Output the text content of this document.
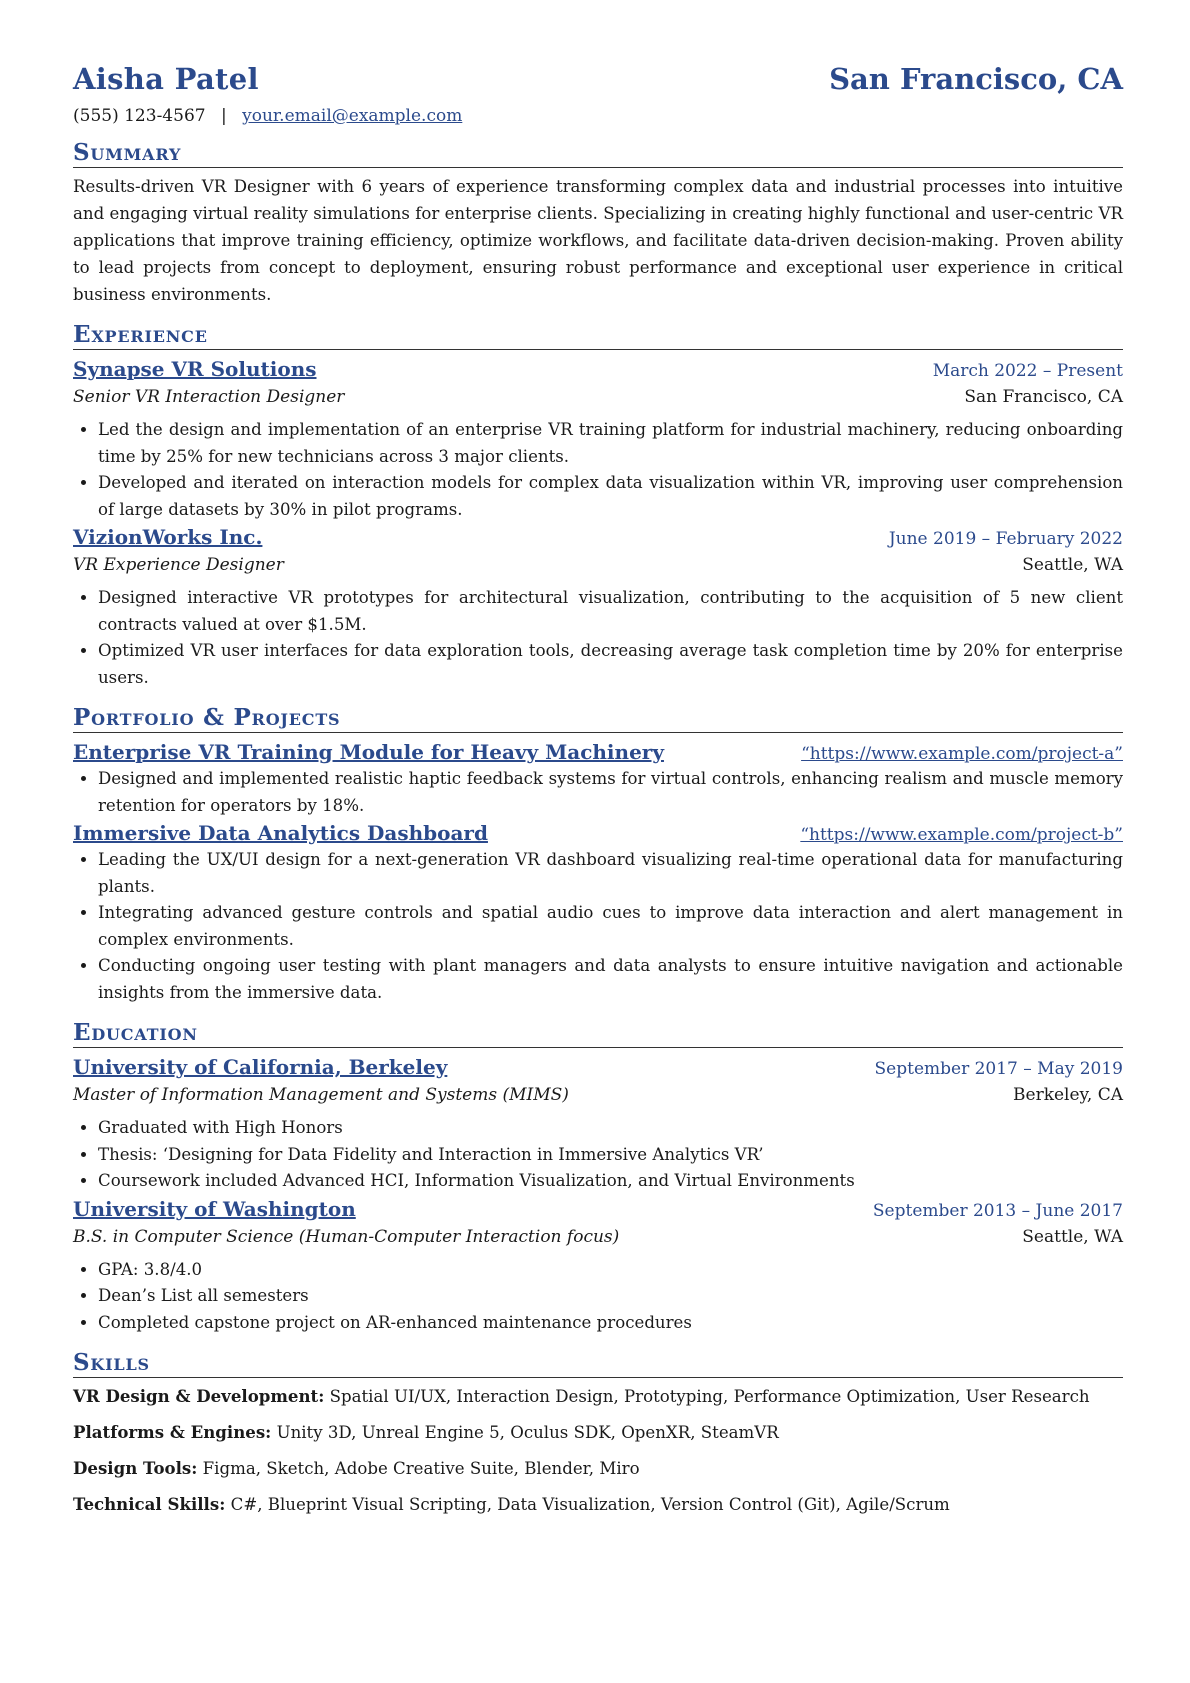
Aisha Patel	San Francisco, CA
(555) 123-4567 | your.email@example.com
Summary

Results-driven VR Designer with 6 years of experience transforming complex data and industrial processes into intuitive and engaging virtual reality simulations for enterprise clients. Specializing in creating highly functional and user-centric VR applications that improve training efficiency, optimize workflows, and facilitate data-driven decision-making. Proven ability to lead projects from concept to deployment, ensuring robust performance and exceptional user experience in critical business environments.

Experience
Synapse VR Solutions	March 2022 – Present
Senior VR Interaction Designer	San Francisco, CA
• Led the design and implementation of an enterprise VR training platform for industrial machinery, reducing onboarding time by 25% for new technicians across 3 major clients.
• Developed and iterated on interaction models for complex data visualization within VR, improving user comprehension of large datasets by 30% in pilot programs.
VizionWorks Inc.	June 2019 – February 2022
VR Experience Designer	Seattle, WA
• Designed interactive VR prototypes for architectural visualization, contributing to the acquisition of 5 new client contracts valued at over $1.5M.
• Optimized VR user interfaces for data exploration tools, decreasing average task completion time by 20% for enterprise users.
Portfolio & Projects
Enterprise VR Training Module for Heavy Machinery	“https://www.example.com/project-a”
• Designed and implemented realistic haptic feedback systems for virtual controls, enhancing realism and muscle memory retention for operators by 18%.
Immersive Data Analytics Dashboard	“https://www.example.com/project-b”
• Leading the UX/UI design for a next-generation VR dashboard visualizing real-time operational data for manufacturing plants.
• Integrating advanced gesture controls and spatial audio cues to improve data interaction and alert management in complex environments.
• Conducting ongoing user testing with plant managers and data analysts to ensure intuitive navigation and actionable insights from the immersive data.
Education
University of California, Berkeley	September 2017 – May 2019
Master of Information Management and Systems (MIMS)	Berkeley, CA
• Graduated with High Honors
• Thesis: ‘Designing for Data Fidelity and Interaction in Immersive Analytics VR’
• Coursework included Advanced HCI, Information Visualization, and Virtual Environments
University of Washington	September 2013 – June 2017
B.S. in Computer Science (Human-Computer Interaction focus)	Seattle, WA
• GPA: 3.8/4.0
• Dean’s List all semesters
• Completed capstone project on AR-enhanced maintenance procedures
Skills

VR Design & Development: Spatial UI/UX, Interaction Design, Prototyping, Performance Optimization, User Research

Platforms & Engines: Unity 3D, Unreal Engine 5, Oculus SDK, OpenXR, SteamVR

Design Tools: Figma, Sketch, Adobe Creative Suite, Blender, Miro

Technical Skills: C#, Blueprint Visual Scripting, Data Visualization, Version Control (Git), Agile/Scrum
